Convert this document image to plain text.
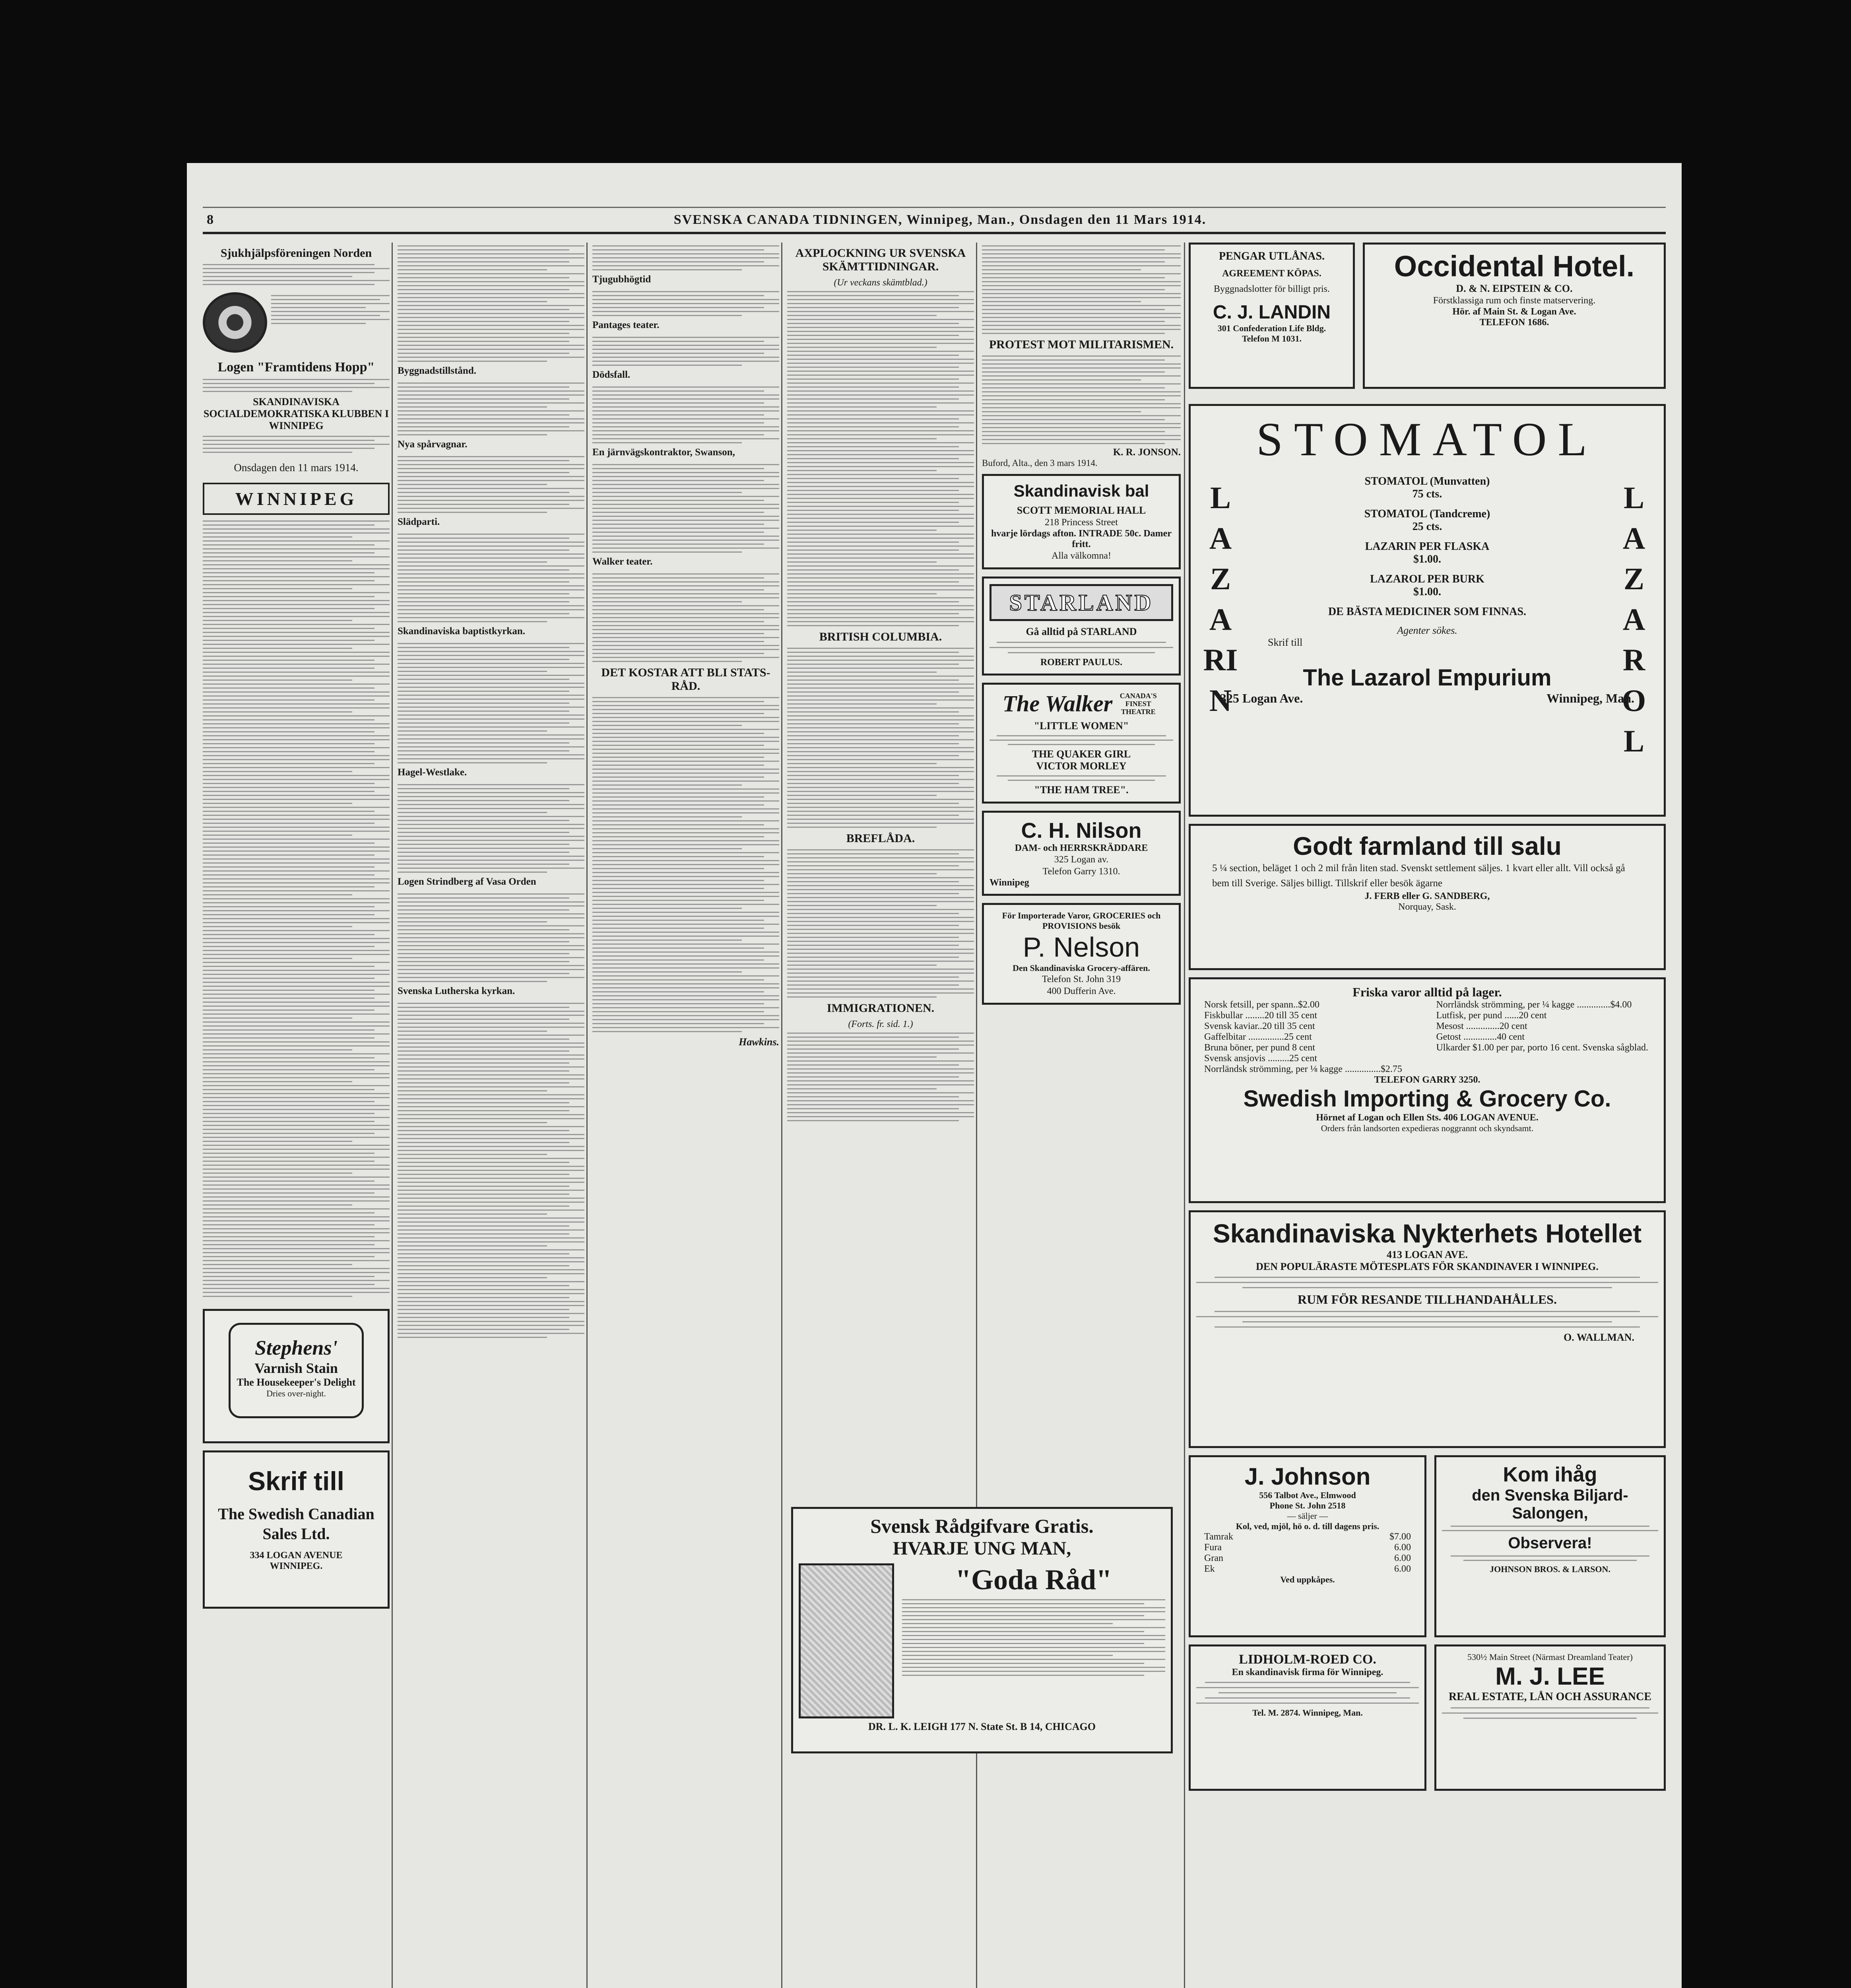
8	SVENSKA CANADA TIDNINGEN, Winnipeg, Man., Onsdagen den 11 Mars 1914.
Sjukhjälpsföreningen Norden
Logen "Framtidens Hopp"
SKANDINAVISKA SOCIALDEMOKRATISKA KLUBBEN I WINNIPEG
Onsdagen den 11 mars 1914.
WINNIPEG
Stephens'
Varnish Stain
The Housekeeper's Delight
Dries over-night.
Skrif till
The Swedish Canadian Sales Ltd.
334 LOGAN AVENUE
WINNIPEG.

Byggnadstillstånd.

Nya spårvagnar.

Slädparti.

Skandinaviska baptistkyrkan.

Hagel-Westlake.

Logen Strindberg af Vasa Orden

Svenska Lutherska kyrkan.

Tjugubhögtid

Pantages teater.

Dödsfall.

En järnvägskontraktor, Swanson,

Walker teater.

DET KOSTAR ATT BLI STATS-RÅD.
Hawkins.
AXPLOCKNING UR SVENSKA SKÄMTTIDNINGAR.
(Ur veckans skämtblad.)
BRITISH COLUMBIA.
BREFLÅDA.
IMMIGRATIONEN.
(Forts. fr. sid. 1.)
PROTEST MOT MILITARISMEN.
K. R. JONSON.
Buford, Alta., den 3 mars 1914.
Skandinavisk bal
SCOTT MEMORIAL HALL
218 Princess Street
hvarje lördags afton. INTRADE 50c. Damer fritt.
Alla välkomna!
STARLAND
Gå alltid på STARLAND
ROBERT PAULUS.
The Walker	CANADA'S FINEST THEATRE
"LITTLE WOMEN"
THE QUAKER GIRL
VICTOR MORLEY
"THE HAM TREE".
C. H. Nilson
DAM- och HERRSKRÄDDARE
325 Logan av.
Telefon Garry 1310.
Winnipeg
För Importerade Varor, GROCERIES och PROVISIONS besök
P. Nelson
Den Skandinaviska Grocery-affären.
Telefon St. John 319
400 Dufferin Ave.
Svensk Rådgifvare Gratis.
HVARJE UNG MAN,
"Goda Råd"
DR. L. K. LEIGH 177 N. State St. B 14, CHICAGO
PENGAR UTLÅNAS.
AGREEMENT KÖPAS.
Byggnadslotter för billigt pris.
C. J. LANDIN
301 Confederation Life Bldg.
Telefon M 1031.
Occidental Hotel.
D. & N. EIPSTEIN & CO.
Förstklassiga rum och finste matservering.
Hör. af Main St. & Logan Ave.
TELEFON 1686.
STOMATOL
LAZARIN
LAZAROL
STOMATOL (Munvatten)
75 cts.
STOMATOL (Tandcreme)
25 cts.
LAZARIN PER FLASKA
$1.00.
LAZAROL PER BURK
$1.00.
DE BÄSTA MEDICINER SOM FINNAS.
Agenter sökes.
Skrif till
The Lazarol Empurium
325 Logan Ave.	Winnipeg, Man.
Godt farmland till salu
5 ¼ section, beläget 1 och 2 mil från liten stad. Svenskt settlement säljes. 1 kvart eller allt. Vill också gå bem till Sverige. Säljes billigt. Tillskrif eller besök ägarne
J. FERB eller G. SANDBERG,
Norquay, Sask.
Friska varor alltid på lager.
Norsk fetsill, per spann..$2.00	Norrländsk strömming, per ¼ kagge ..............$4.00
Fiskbullar ........20 till 35 cent	Lutfisk, per pund ......20 cent
Svensk kaviar..20 till 35 cent	Mesost ..............20 cent
Gaffelbitar ...............25 cent	Getost ..............40 cent
Bruna böner, per pund 8 cent	Ulkarder $1.00 per par, porto 16 cent. Svenska sågblad.
Svensk ansjovis .........25 cent
Norrländsk strömming, per ⅛ kagge ...............$2.75
TELEFON GARRY 3250.
Swedish Importing & Grocery Co.
Hörnet af Logan och Ellen Sts. 406 LOGAN AVENUE.
Orders från landsorten expedieras noggrannt och skyndsamt.
Skandinaviska Nykterhets Hotellet
413 LOGAN AVE.
DEN POPULÄRASTE MÖTESPLATS FÖR SKANDINAVER I WINNIPEG.
RUM FÖR RESANDE TILLHANDAHÅLLES.
O. WALLMAN.
J. Johnson
556 Talbot Ave., Elmwood
Phone St. John 2518
— säljer —
Kol, ved, mjöl, hö o. d. till dagens pris.
Tamrak	$7.00
Fura	6.00
Gran	6.00
Ek	6.00
Ved uppkåpes.
Kom ihåg
den Svenska Biljard-Salongen,
Observera!
JOHNSON BROS. & LARSON.
LIDHOLM-ROED CO.
En skandinavisk firma för Winnipeg.
Tel. M. 2874. Winnipeg, Man.
530½ Main Street (Närmast Dreamland Teater)
M. J. LEE
REAL ESTATE, LÅN OCH ASSURANCE
